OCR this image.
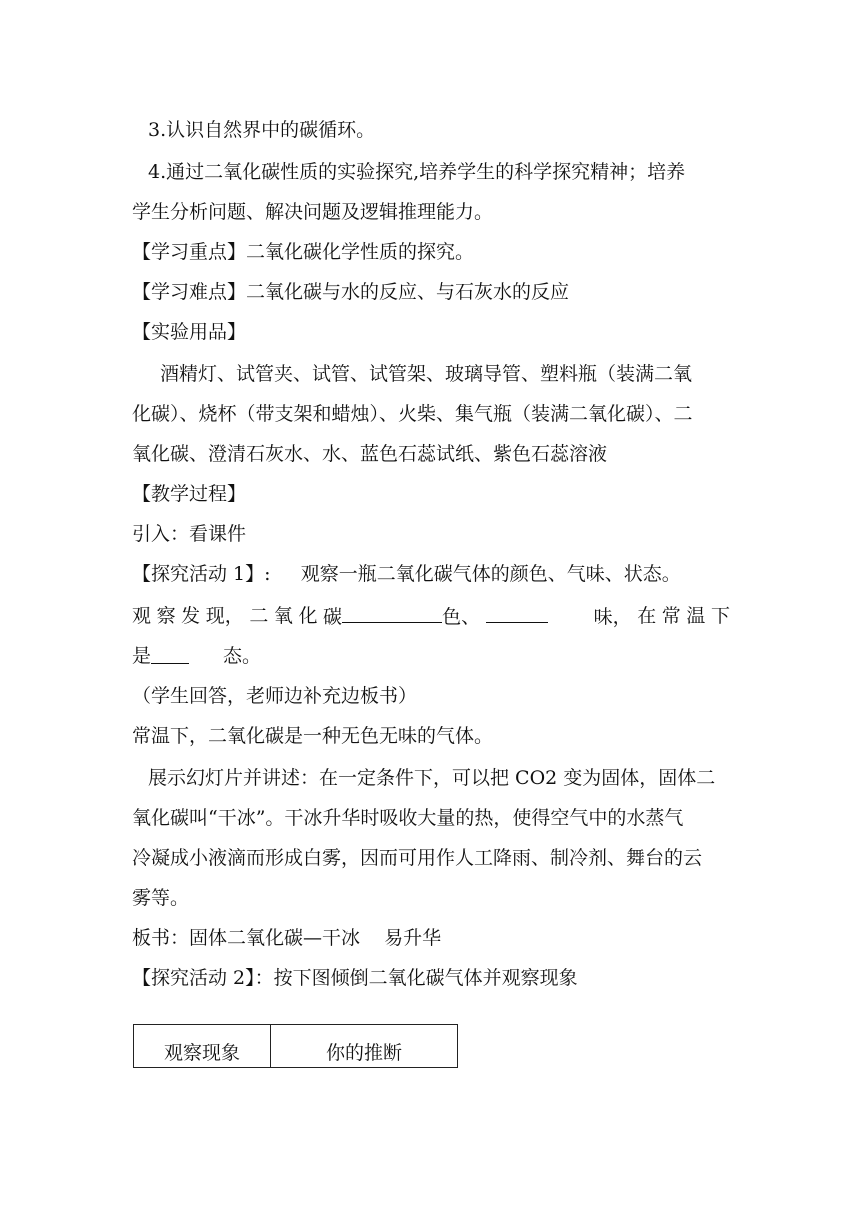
3.认识自然界中的碳循环。
4.通过二氧化碳性质的实验探究,培养学生的科学探究精神；培养
学生分析问题、解决问题及逻辑推理能力。
【学习重点】二氧化碳化学性质的探究。
【学习难点】二氧化碳与水的反应、与石灰水的反应
【实验用品】
酒精灯、试管夹、试管、试管架、玻璃导管、塑料瓶（装满二氧
化碳）、烧杯（带支架和蜡烛）、火柴、集气瓶（装满二氧化碳）、二
氧化碳、澄清石灰水、水、蓝色石蕊试纸、紫色石蕊溶液
【教学过程】
引入：看课件
【探究活动 1】:     观察一瓶二氧化碳气体的颜色、气味、状态。
观 察 发 现， 二 氧 化 碳	色、	味， 在 常 温 下
是	态。
（学生回答，老师边补充边板书）
常温下，二氧化碳是一种无色无味的气体。
展示幻灯片并讲述：在一定条件下，可以把 CO2 变为固体，固体二
氧化碳叫“干冰”。干冰升华时吸收大量的热，使得空气中的水蒸气
冷凝成小液滴而形成白雾，因而可用作人工降雨、制冷剂、舞台的云
雾等。
板书：固体二氧化碳—干冰    易升华
【探究活动 2】：按下图倾倒二氧化碳气体并观察现象
观察现象	你的推断
